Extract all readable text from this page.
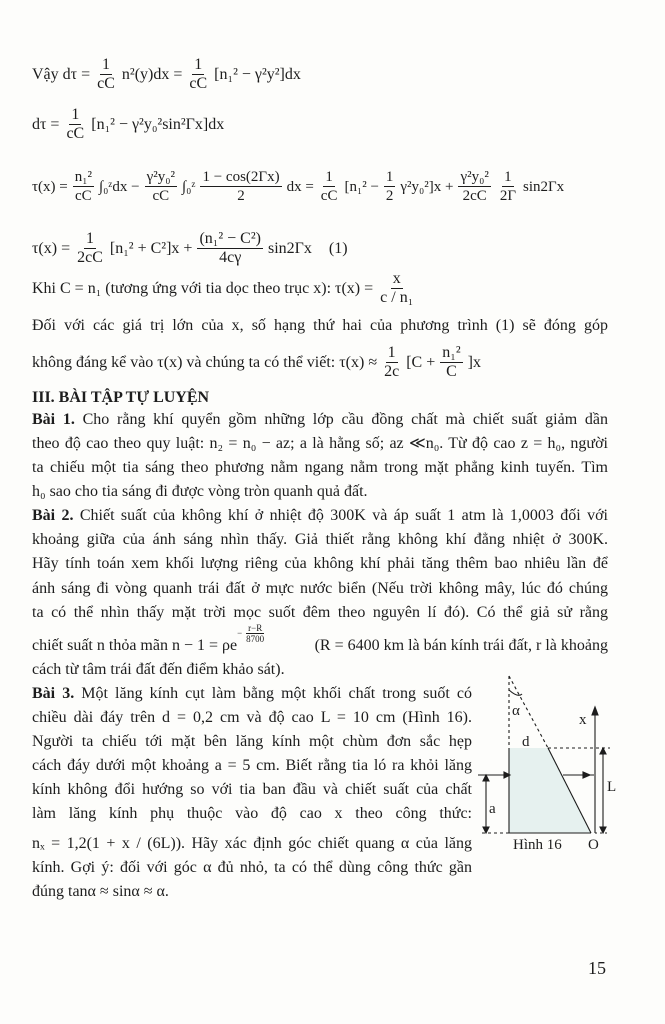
Vậy $d\tau = \frac{1}{cC} n^2(y)dx = \frac{1}{cC} [n_1^2 - \gamma^2y^2]dx$
$d\tau = \frac{1}{cC} [n_1^2 - \gamma^2y_0^2\sin^2\Gamma x]dx$
$\tau(x) = \frac{\text{n₁²}}{cC}$ ∫₀ᶻdx − $\frac{\text{γ²y₀²}}{cC}$ ∫₀ᶻ $\frac{1 - \cos(2\Gamma x)}{2}$ dx = $\frac{1}{cC} [n_1^2 - \frac{1}{2} \gamma^2y_0^2]x + \frac{\text{γ²y₀²}}{2cC} \frac{1}{2\Gamma} \sin 2\Gamma x$
$\tau(x) = \frac{1}{2cC} [n_1^2 + C^2]x + \frac{\text{(n₁² − C²)}}{4c\gamma} \sin 2\Gamma x$ (1)
Khi C = n₁ (tương ứng với tia dọc theo trục x): $\tau(x) = \frac{x}{\text{c / n₁}}$
Đối với các giá trị lớn của x, số hạng thứ hai của phương trình (1) sẽ đóng góp
không đáng kể vào τ(x) và chúng ta có thể viết: $\tau(x) \approx \frac{1}{2c} [C + \frac{\text{n₁²}}{C} ]x$
III. BÀI TẬP TỰ LUYỆN
Bài 1. Cho rằng khí quyển gồm những lớp cầu đồng chất mà chiết suất giảm dần
theo độ cao theo quy luật: n₂ = n₀ − az; a là hằng số; az ≪n₀. Từ độ cao z = h₀, người
ta chiếu một tia sáng theo phương nằm ngang nằm trong mặt phẳng kinh tuyến. Tìm
h₀ sao cho tia sáng đi được vòng tròn quanh quả đất.
Bài 2. Chiết suất của không khí ở nhiệt độ 300K và áp suất 1 atm là 1,0003 đối với
khoảng giữa của ánh sáng nhìn thấy. Giả thiết rằng không khí đẳng nhiệt ở 300K.
Hãy tính toán xem khối lượng riêng của không khí phải tăng thêm bao nhiêu lần để
ánh sáng đi vòng quanh trái đất ở mực nước biển (Nếu trời không mây, lúc đó chúng
ta có thể nhìn thấy mặt trời mọc suốt đêm theo nguyên lí đó). Có thể giả sử rằng
chiết suất n thỏa mãn $n - 1 = \rho e^{- \frac{r-R}{8700}}$
(R = 6400 km là bán kính trái đất, r là khoảng
cách từ tâm trái đất đến điểm khảo sát).
Bài 3. Một lăng kính cụt làm bằng một khối chất trong suốt có
chiều dài đáy trên d = 0,2 cm và độ cao L = 10 cm (Hình 16).
Người ta chiếu tới mặt bên lăng kính một chùm đơn sắc hẹp
cách đáy dưới một khoảng a = 5 cm. Biết rằng tia ló ra khỏi lăng
kính không đổi hướng so với tia ban đầu và chiết suất của chất
làm lăng kính phụ thuộc vào độ cao x theo công thức:
nₓ = 1,2(1 + x / (6L)). Hãy xác định góc chiết quang α của lăng
kính. Gợi ý: đối với góc α đủ nhỏ, ta có thể dùng công thức gần
đúng tanα ≈ sinα ≈ α.
α
d
x
L
a
Hình 16 O
15
